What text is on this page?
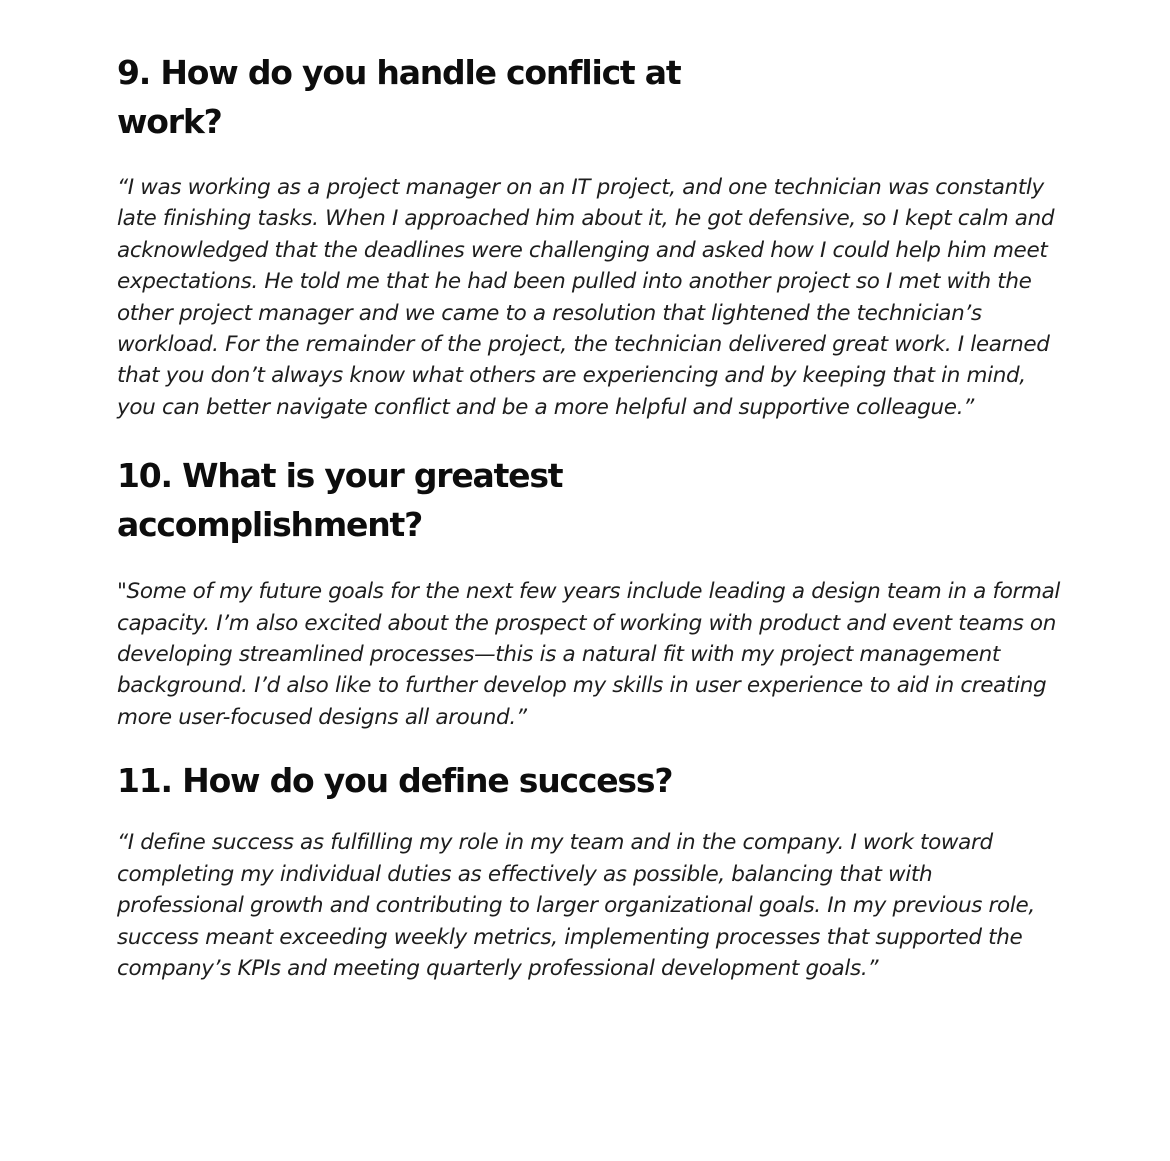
9. How do you handle conflict at work?

“I was working as a project manager on an IT project, and one technician was constantly late finishing tasks. When I approached him about it, he got defensive, so I kept calm and acknowledged that the deadlines were challenging and asked how I could help him meet expectations. He told me that he had been pulled into another project so I met with the other project manager and we came to a resolution that lightened the technician’s workload. For the remainder of the project, the technician delivered great work. I learned that you don’t always know what others are experiencing and by keeping that in mind, you can better navigate conflict and be a more helpful and supportive colleague.”

10. What is your greatest accomplishment?

"Some of my future goals for the next few years include leading a design team in a formal capacity. I’m also excited about the prospect of working with product and event teams on developing streamlined processes—this is a natural fit with my project management background. I’d also like to further develop my skills in user experience to aid in creating more user-focused designs all around.”

11. How do you define success?

“I define success as fulfilling my role in my team and in the company. I work toward completing my individual duties as effectively as possible, balancing that with professional growth and contributing to larger organizational goals. In my previous role, success meant exceeding weekly metrics, implementing processes that supported the company’s KPIs and meeting quarterly professional development goals.”
